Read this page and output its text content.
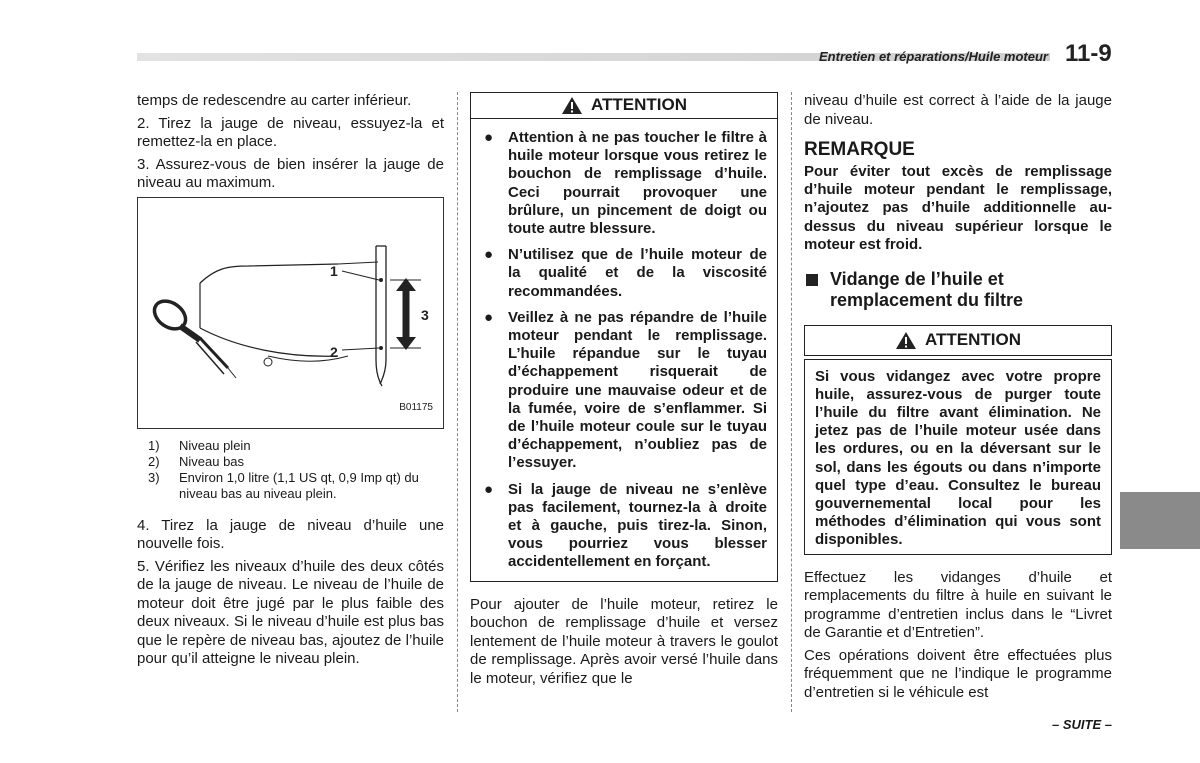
Entretien et réparations/Huile moteur 11-9

temps de redescendre au carter inférieur.

2. Tirez la jauge de niveau, essuyez-la et remettez-la en place.

3. Assurez-vous de bien insérer la jauge de niveau au maximum.

1
2
3
B01175
1)	Niveau plein
2)	Niveau bas
3)	Environ 1,0 litre (1,1 US qt, 0,9 Imp qt) du niveau bas au niveau plein.

4. Tirez la jauge de niveau d’huile une nouvelle fois.

5. Vérifiez les niveaux d’huile des deux côtés de la jauge de niveau. Le niveau de l’huile de moteur doit être jugé par le plus faible des deux niveaux. Si le niveau d’huile est plus bas que le repère de niveau bas, ajoutez de l’huile pour qu’il atteigne le niveau plein.

ATTENTION
● Attention à ne pas toucher le filtre à huile moteur lorsque vous retirez le bouchon de remplissage d’huile. Ceci pourrait provoquer une brûlure, un pincement de doigt ou toute autre blessure.
● N’utilisez que de l’huile moteur de la qualité et de la viscosité recommandées.
● Veillez à ne pas répandre de l’huile moteur pendant le remplissage. L’huile répandue sur le tuyau d’échappement risquerait de produire une mauvaise odeur et de la fumée, voire de s’enflammer. Si de l’huile moteur coule sur le tuyau d’échappement, n’oubliez pas de l’essuyer.
● Si la jauge de niveau ne s’enlève pas facilement, tournez-la à droite et à gauche, puis tirez-la. Sinon, vous pourriez vous blesser accidentellement en forçant.

Pour ajouter de l’huile moteur, retirez le bouchon de remplissage d’huile et versez lentement de l’huile moteur à travers le goulot de remplissage. Après avoir versé l’huile dans le moteur, vérifiez que le

niveau d’huile est correct à l’aide de la jauge de niveau.

REMARQUE
Pour éviter tout excès de remplissage d’huile moteur pendant le remplissage, n’ajoutez pas d’huile additionnelle au-dessus du niveau supérieur lorsque le moteur est froid.
Vidange de l’huile et remplacement du filtre
ATTENTION
Si vous vidangez avec votre propre huile, assurez-vous de purger toute l’huile du filtre avant élimination. Ne jetez pas de l’huile moteur usée dans les ordures, ou en la déversant sur le sol, dans les égouts ou dans n’importe quel type d’eau. Consultez le bureau gouvernemental local pour les méthodes d’élimination qui vous sont disponibles.

Effectuez les vidanges d’huile et remplacements du filtre à huile en suivant le programme d’entretien inclus dans le “Livret de Garantie et d’Entretien”.

Ces opérations doivent être effectuées plus fréquemment que ne l’indique le programme d’entretien si le véhicule est

– SUITE –
